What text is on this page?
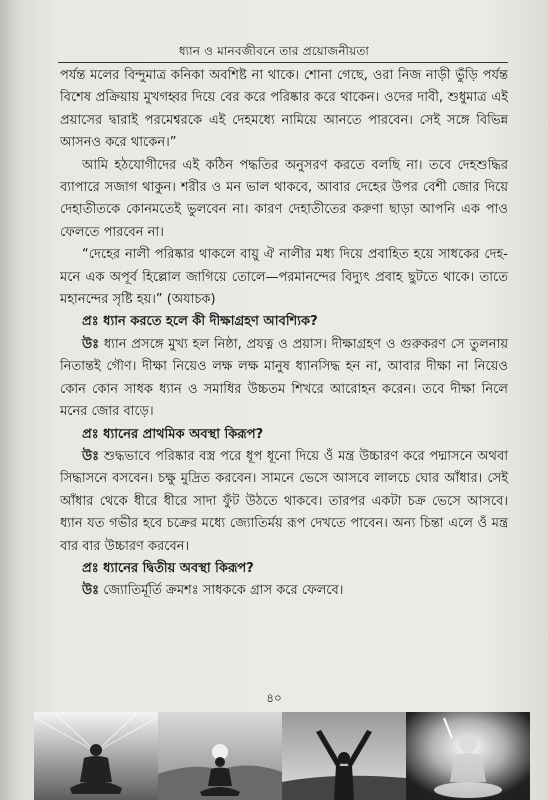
ধ্যান ও মানবজীবনে তার প্রয়োজনীয়তা

পর্যন্ত মলের বিন্দুমাত্র কনিকা অবশিষ্ট না থাকে। শোনা গেছে, ওরা নিজ নাড়ী ভুঁড়ি পর্যন্ত বিশেষ প্রক্রিয়ায় মুখগহ্বর দিয়ে বের করে পরিষ্কার করে থাকেন। ওদের দাবী, শুধুমাত্র এই প্রয়াসের দ্বারাই পরমেশ্বরকে এই দেহমধ্যে নামিয়ে আনতে পারবেন। সেই সঙ্গে বিভিন্ন আসনও করে থাকেন।”

আমি হঠযোগীদের এই কঠিন পদ্ধতির অনুসরণ করতে বলছি না। তবে দেহশুদ্ধির ব্যাপারে সজাগ থাকুন। শরীর ও মন ভাল থাকবে, আবার দেহের উপর বেশী জোর দিয়ে দেহাতীতকে কোনমতেই ভুলবেন না। কারণ দেহাতীতের করুণা ছাড়া আপনি এক পাও ফেলতে পারবেন না।

“দেহের নালী পরিষ্কার থাকলে বায়ু ঐ নালীর মধ্য দিয়ে প্রবাহিত হয়ে সাধকের দেহ-মনে এক অপূর্ব হিল্লোল জাগিয়ে তোলে—পরমানন্দের বিদ্যুৎ প্রবাহ ছুটতে থাকে। তাতে মহানন্দের সৃষ্টি হয়।” (অযাচক)

প্রঃ ধ্যান করতে হলে কী দীক্ষাগ্রহণ আবশ্যিক?

উঃ ধ্যান প্রসঙ্গে মুখ্য হল নিষ্ঠা, প্রযত্ন ও প্রয়াস। দীক্ষাগ্রহণ ও গুরুকরণ সে তুলনায় নিতান্তই গৌণ। দীক্ষা নিয়েও লক্ষ লক্ষ মানুষ ধ্যানসিদ্ধ হন না, আবার দীক্ষা না নিয়েও কোন কোন সাধক ধ্যান ও সমাধির উচ্চতম শিখরে আরোহন করেন। তবে দীক্ষা নিলে মনের জোর বাড়ে।

প্রঃ ধ্যানের প্রাথমিক অবস্থা কিরূপ?

উঃ শুদ্ধভাবে পরিষ্কার বস্ত্র পরে ধূপ ধূনো দিয়ে ওঁ মন্ত্র উচ্চারণ করে পদ্মাসনে অথবা সিদ্ধাসনে বসবেন। চক্ষু মুদ্রিত করবেন। সামনে ভেসে আসবে লালচে ঘোর আঁধার। সেই আঁধার থেকে ধীরে ধীরে সাদা ফুঁট উঠতে থাকবে। তারপর একটা চক্র ভেসে আসবে। ধ্যান যত গভীর হবে চক্রের মধ্যে জ্যোতির্ময় রূপ দেখতে পাবেন। অন্য চিন্তা এলে ওঁ মন্ত্র বার বার উচ্চারণ করবেন।

প্রঃ ধ্যানের দ্বিতীয় অবস্থা কিরূপ?

উঃ জ্যোতির্মূর্তি ক্রমশঃ সাধককে গ্রাস করে ফেলবে।

৪০
